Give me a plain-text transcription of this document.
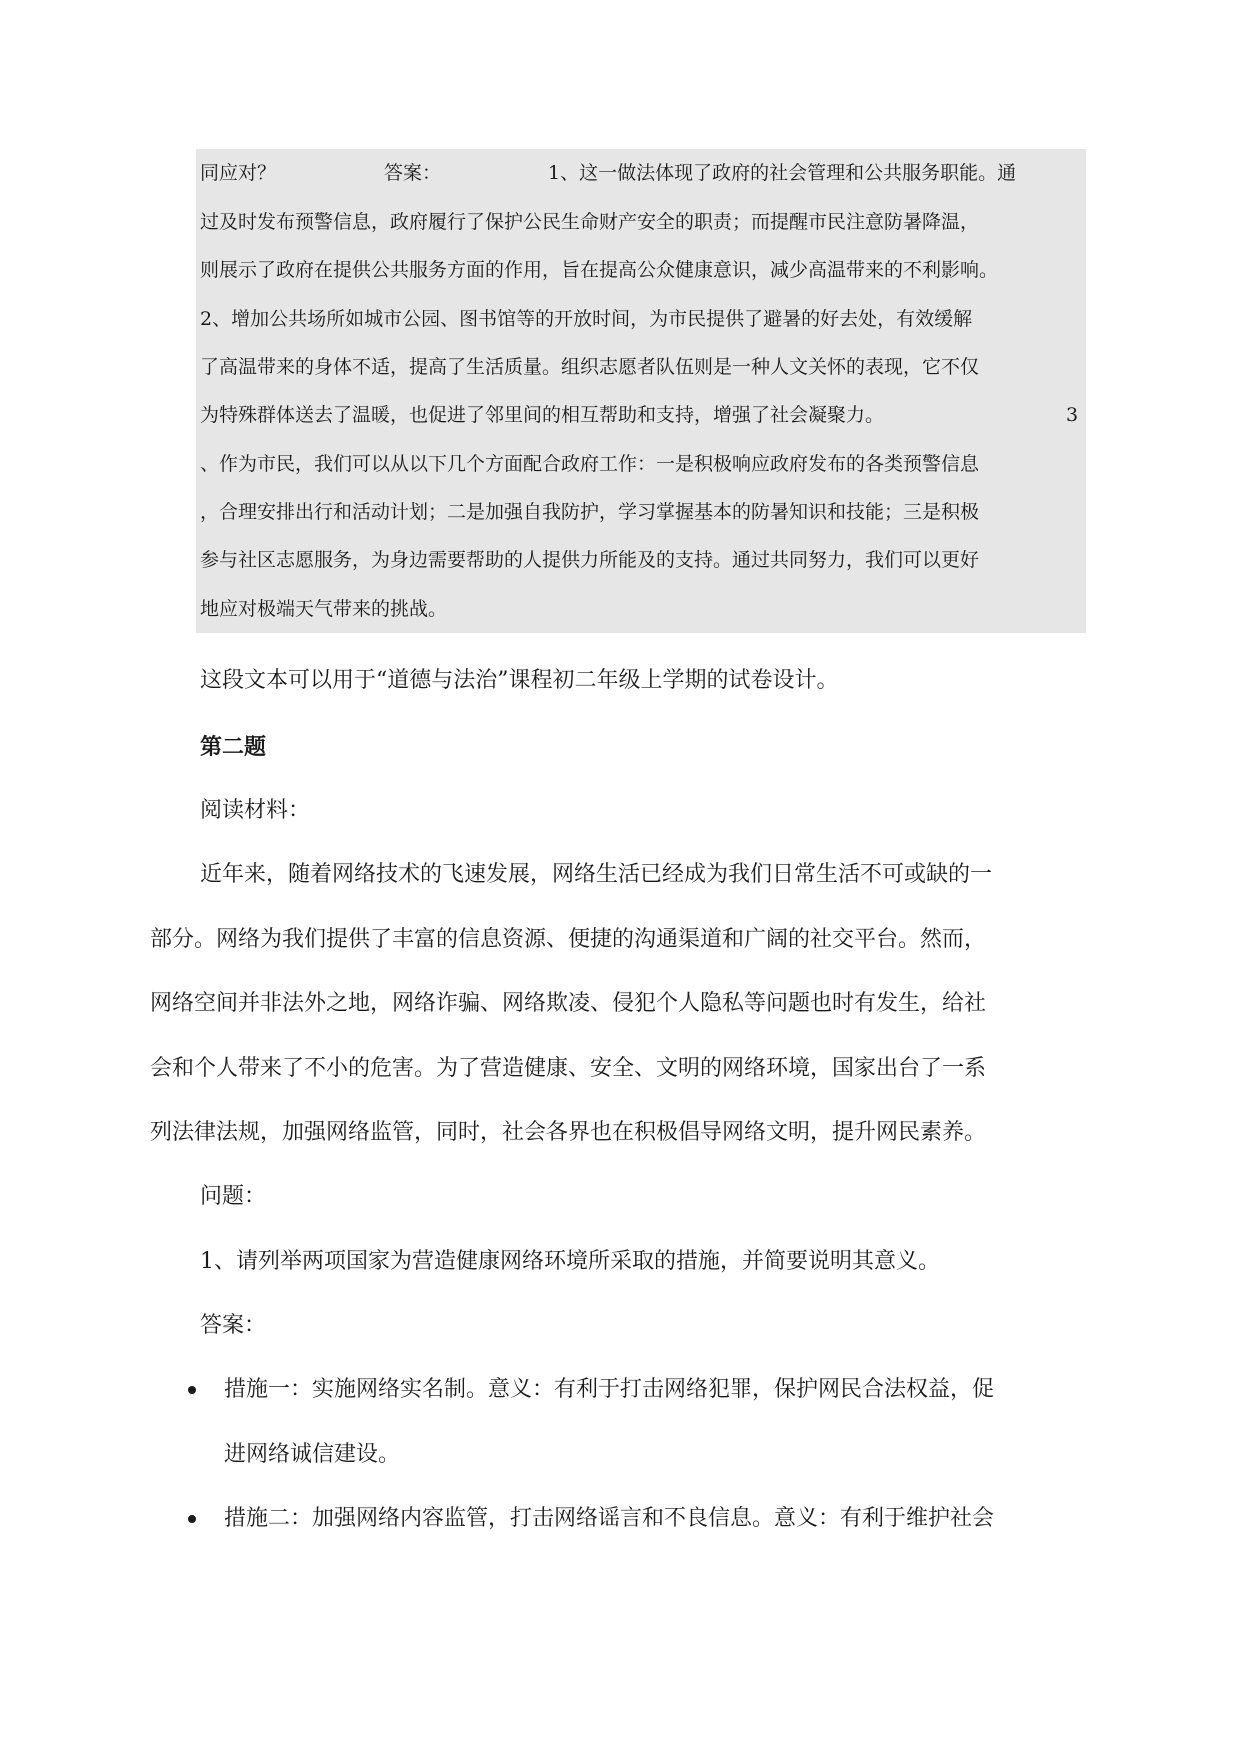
同应对？	答案：	1、这一做法体现了政府的社会管理和公共服务职能。通
过及时发布预警信息，政府履行了保护公民生命财产安全的职责；而提醒市民注意防暑降温，
则展示了政府在提供公共服务方面的作用，旨在提高公众健康意识，减少高温带来的不利影响。
2、增加公共场所如城市公园、图书馆等的开放时间，为市民提供了避暑的好去处，有效缓解
了高温带来的身体不适，提高了生活质量。组织志愿者队伍则是一种人文关怀的表现，它不仅
为特殊群体送去了温暖，也促进了邻里间的相互帮助和支持，增强了社会凝聚力。	3
、作为市民，我们可以从以下几个方面配合政府工作：一是积极响应政府发布的各类预警信息
，合理安排出行和活动计划；二是加强自我防护，学习掌握基本的防暑知识和技能；三是积极
参与社区志愿服务，为身边需要帮助的人提供力所能及的支持。通过共同努力，我们可以更好
地应对极端天气带来的挑战。
这段文本可以用于“道德与法治”课程初二年级上学期的试卷设计。
第二题
阅读材料：
近年来，随着网络技术的飞速发展，网络生活已经成为我们日常生活不可或缺的一
部分。网络为我们提供了丰富的信息资源、便捷的沟通渠道和广阔的社交平台。然而，
网络空间并非法外之地，网络诈骗、网络欺凌、侵犯个人隐私等问题也时有发生，给社
会和个人带来了不小的危害。为了营造健康、安全、文明的网络环境，国家出台了一系
列法律法规，加强网络监管，同时，社会各界也在积极倡导网络文明，提升网民素养。
问题：
1、请列举两项国家为营造健康网络环境所采取的措施，并简要说明其意义。
答案：
措施一：实施网络实名制。意义：有利于打击网络犯罪，保护网民合法权益，促
进网络诚信建设。
措施二：加强网络内容监管，打击网络谣言和不良信息。意义：有利于维护社会
